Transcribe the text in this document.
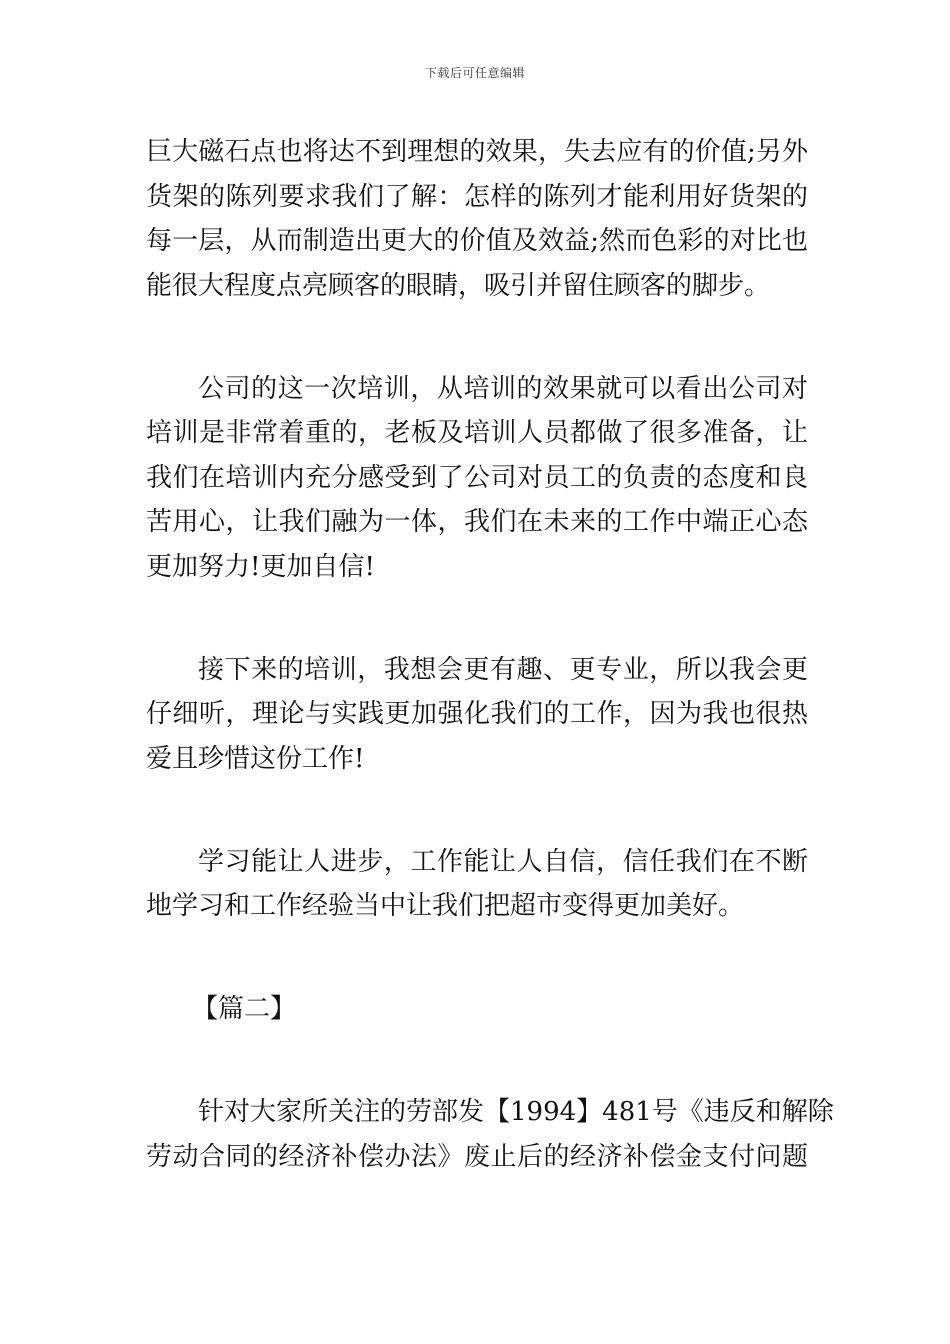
下载后可任意编辑
巨大磁石点也将达不到理想的效果，失去应有的价值;另外
货架的陈列要求我们了解：怎样的陈列才能利用好货架的
每一层，从而制造出更大的价值及效益;然而色彩的对比也
能很大程度点亮顾客的眼睛，吸引并留住顾客的脚步。
公司的这一次培训，从培训的效果就可以看出公司对
培训是非常着重的，老板及培训人员都做了很多准备，让
我们在培训内充分感受到了公司对员工的负责的态度和良
苦用心，让我们融为一体，我们在未来的工作中端正心态
更加努力!更加自信!
接下来的培训，我想会更有趣、更专业，所以我会更
仔细听，理论与实践更加强化我们的工作，因为我也很热
爱且珍惜这份工作!
学习能让人进步，工作能让人自信，信任我们在不断
地学习和工作经验当中让我们把超市变得更加美好。
【篇二】
针对大家所关注的劳部发【1994】481号《违反和解除
劳动合同的经济补偿办法》废止后的经济补偿金支付问题
